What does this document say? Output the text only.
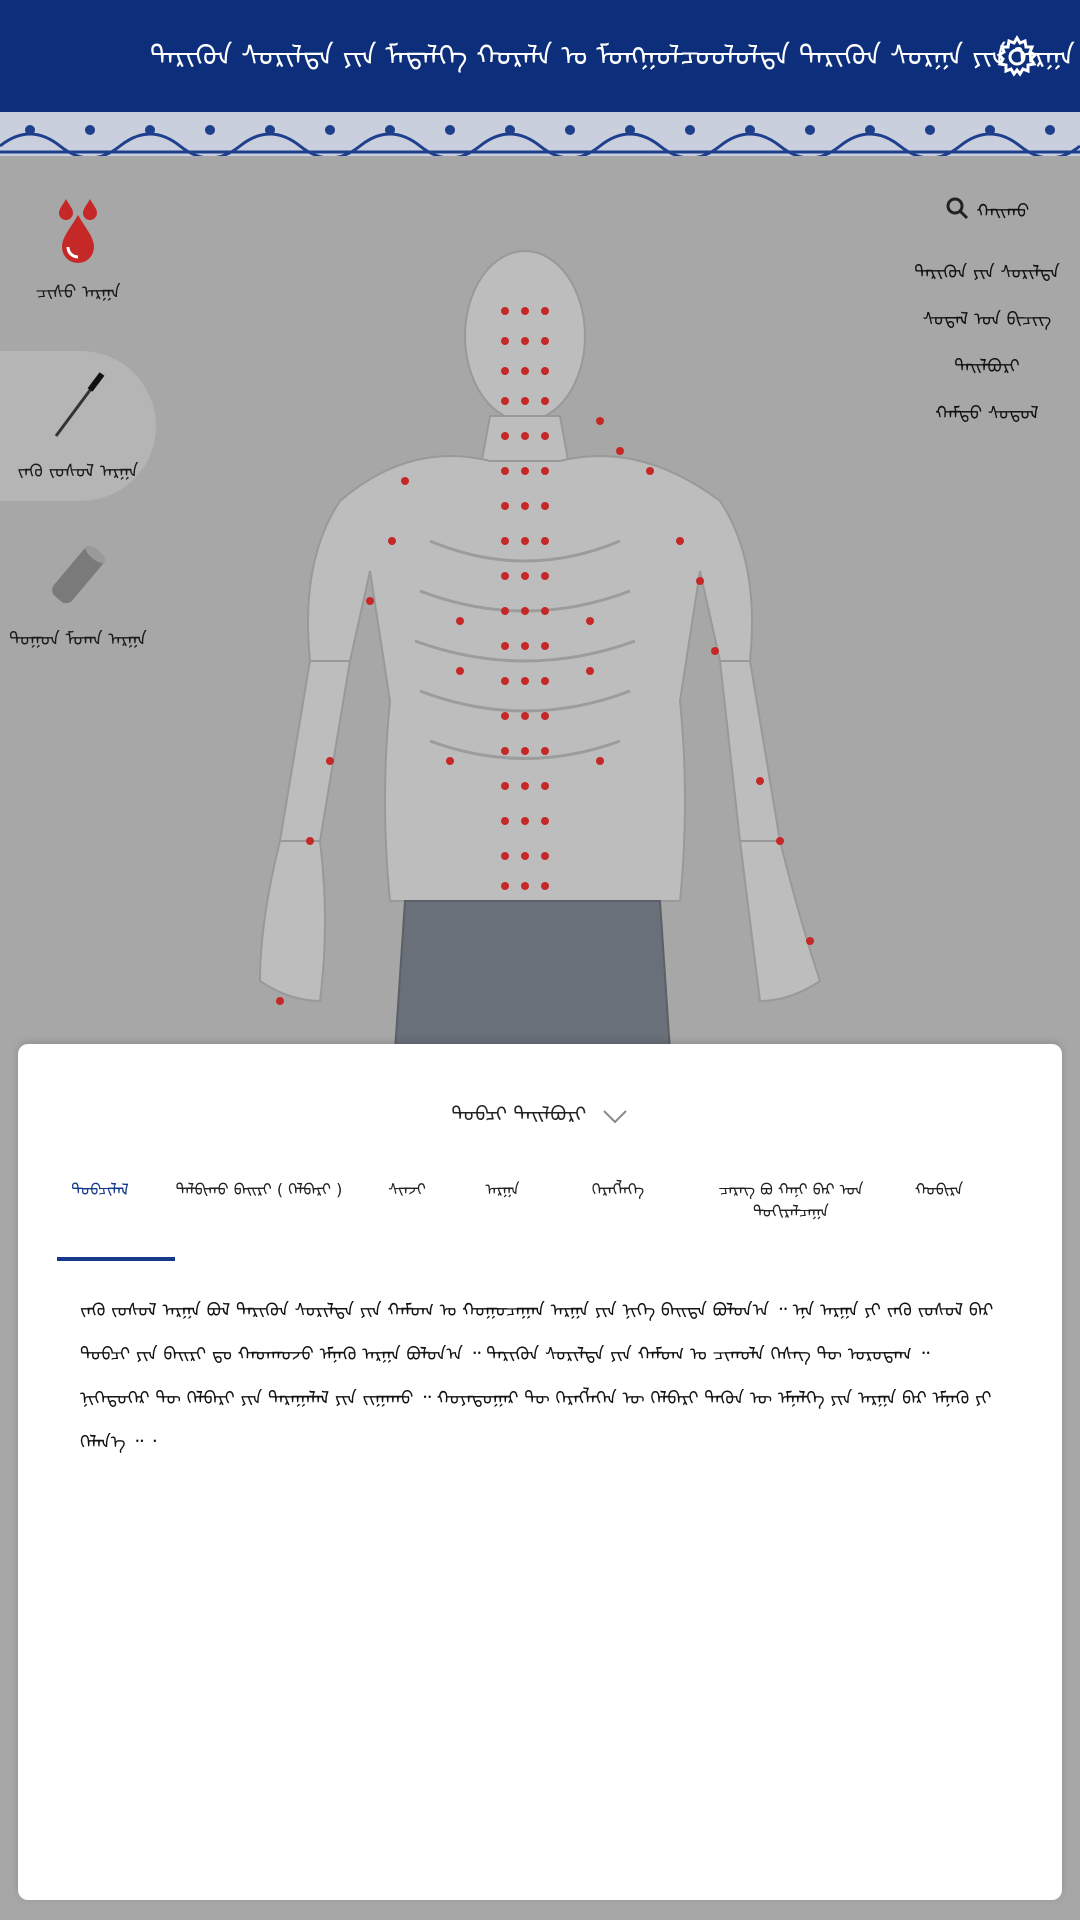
ᠲᠡᠷᠢᠭᠦᠨ ᠰᠤᠷᠢᠯᠲᠠ ᠶᠢᠨ ᠮᠡᠳᠡᠯᠭᠡ ᠬᠤᠷᠠᠯᠠ ᠤ ᠮᠣᠩᠭᠣᠯᠴᠤᠤᠯᠤᠯᠲᠠ ᠲᠡᠷᠢᠭᠦᠨ ᠰᠤᠷᠭᠠ ᠶᠢᠨ ᠠᠷᠭᠠ
ᠴᠢᠰᠤ ᠠᠷᠭᠠ
ᠵᠡᠭᠦ ᠵᠤᠰᠤᠯ ᠠᠷᠭᠠ
ᠲᠣᠭᠤᠨ ᠮᠣᠬᠠ ᠠᠷᠭᠠ
ᠬᠠᠢᠬᠤ
ᠲᠡᠷᠢᠭᠦᠨ ᠶᠢᠨ ᠰᠤᠷᠢᠯᠲᠠ
ᠰᠤᠳᠠᠯ ᠤᠨ ᠪᠢᠴᠢᠭ
ᠲᠠᠢᠯᠪᠤᠷᠢ
ᠬᠠᠮᠲᠤ ᠰᠤᠳᠤᠯ
ᠲᠣᠪᠴᠢ ᠲᠠᠢᠯᠪᠤᠷᠢ
ᠲᠣᠪᠴᠢᠯᠠᠯ	ᠲᠠᠯᠪᠢᠬᠤ ᠪᠠᠢᠷᠢ ( ᠬᠡᠯᠪᠡᠷᠢ )	ᠰᠢᠨᠵᠢ	ᠠᠷᠭᠠ	ᠬᠡᠷᠡᠭᠯᠡᠭᠡ	ᠴᠡᠷᠡᠭ ᠪᠣ ᠬᠠᠨᠢ ᠪᠠᠷ ᠤᠨ ᠲᠣᠬᠢᠷᠠᠯᠴᠠᠭᠠ
ᠬᠤᠪᠢᠷᠠ
ᠵᠡᠭᠦ ᠵᠤᠰᠤᠯ ᠠᠷᠭᠠ ᠪᠣᠯ ᠲᠡᠷᠢᠭᠦᠨ ᠰᠤᠷᠢᠯᠲᠠ ᠶᠢᠨ ᠬᠠᠮᠤᠭ ᠤ ᠬᠤᠭᠤᠴᠠᠭᠠᠨ ᠠᠷᠭᠠ ᠶᠢᠨ ᠨᠢᠭᠡ ᠪᠡᠢᠳᠡ ᠪᠣᠯᠤᠨ᠎ᠠ ᠃ ᠡᠨᠡ ᠠᠷᠭᠠ ᠶᠢ ᠵᠡᠭᠦ ᠵᠤᠰᠤᠯ ᠪᠠᠷ ᠲᠣᠪᠴᠢ ᠶᠢᠨ ᠪᠠᠢᠷᠢ ᠳᠤ ᠬᠠᠳᠬᠤᠵᠤ ᠡᠮᠨᠡᠬᠦ ᠠᠷᠭᠠ ᠪᠣᠯᠤᠨ᠎ᠠ ᠃ ᠲᠡᠷᠢᠭᠦᠨ ᠰᠤᠷᠢᠯᠲᠠ ᠶᠢᠨ ᠬᠠᠮᠤᠭ ᠤ ᠴᠢᠬᠤᠯᠠ ᠬᠡᠰᠡᠭ ᠲᠦ ᠣᠷᠣᠳᠠᠭ ᠃ ᠨᠢᠭᠡᠳᠦᠭᠡᠷ ᠲᠦ ᠬᠡᠯᠪᠡᠷᠢ ᠶᠢᠨ ᠳᠠᠷᠠᠭᠠᠯᠠᠯ ᠶᠢᠨ ᠵᠢᠭᠠᠬᠤ ᠃ ᠬᠣᠶᠠᠳᠤᠭᠠᠷ ᠲᠦ ᠬᠡᠷᠡᠭᠯᠡᠭᠡᠨ ᠦ ᠬᠡᠯᠪᠡᠷᠢ ᠲᠡᠭᠦᠨ ᠦ ᠡᠮᠨᠡᠯᠭᠡ ᠶᠢᠨ ᠠᠷᠭᠠ ᠪᠠᠷ ᠡᠮᠨᠡᠬᠦ ᠶᠢ ᠬᠡᠯᠡᠨ᠎ᠡ ᠃ ᠂
